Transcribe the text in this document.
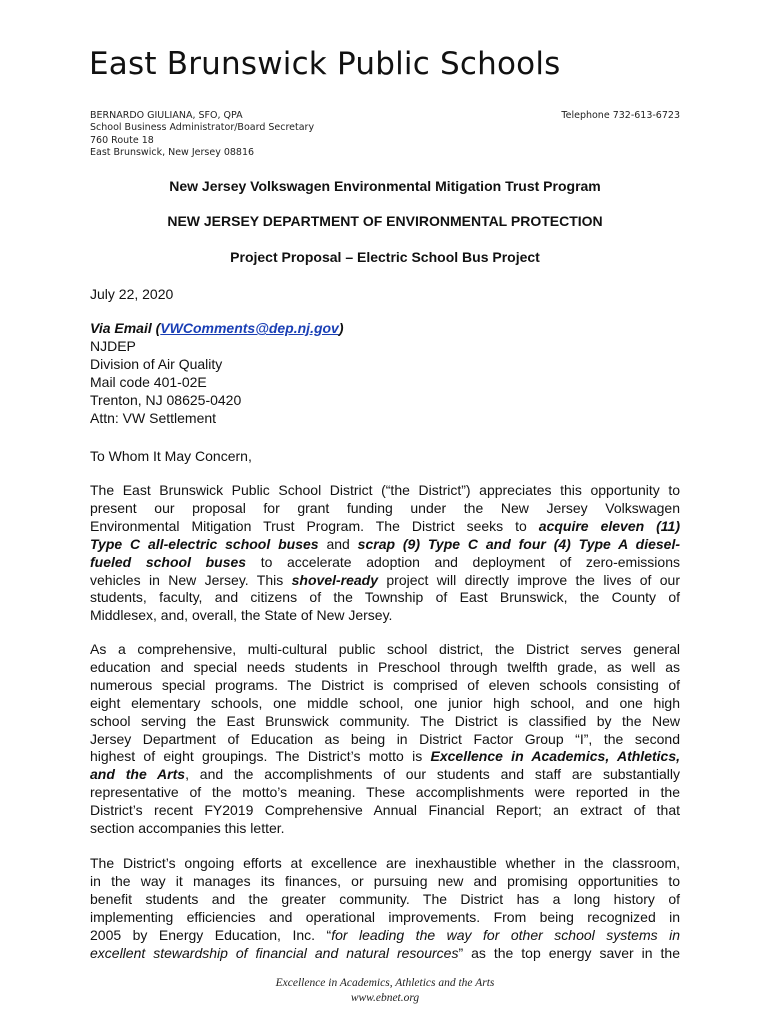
East Brunswick Public Schools
BERNARDO GIULIANA, SFO, QPA
School Business Administrator/Board Secretary
760 Route 18
East Brunswick, New Jersey 08816
Telephone 732-613-6723
New Jersey Volkswagen Environmental Mitigation Trust Program
NEW JERSEY DEPARTMENT OF ENVIRONMENTAL PROTECTION
Project Proposal – Electric School Bus Project
July 22, 2020
Via Email (VWComments@dep.nj.gov)
NJDEP
Division of Air Quality
Mail code 401-02E
Trenton, NJ 08625-0420
Attn: VW Settlement
To Whom It May Concern,
The East Brunswick Public School District (“the District”) appreciates this opportunity to
present our proposal for grant funding under the New Jersey Volkswagen
Environmental Mitigation Trust Program. The District seeks to acquire eleven (11)
Type C all-electric school buses and scrap (9) Type C and four (4) Type A diesel-
fueled school buses to accelerate adoption and deployment of zero-emissions
vehicles in New Jersey. This shovel-ready project will directly improve the lives of our
students, faculty, and citizens of the Township of East Brunswick, the County of
Middlesex, and, overall, the State of New Jersey.
As a comprehensive, multi-cultural public school district, the District serves general
education and special needs students in Preschool through twelfth grade, as well as
numerous special programs. The District is comprised of eleven schools consisting of
eight elementary schools, one middle school, one junior high school, and one high
school serving the East Brunswick community. The District is classified by the New
Jersey Department of Education as being in District Factor Group “I”, the second
highest of eight groupings. The District’s motto is Excellence in Academics, Athletics,
and the Arts, and the accomplishments of our students and staff are substantially
representative of the motto’s meaning. These accomplishments were reported in the
District’s recent FY2019 Comprehensive Annual Financial Report; an extract of that
section accompanies this letter.
The District’s ongoing efforts at excellence are inexhaustible whether in the classroom,
in the way it manages its finances, or pursuing new and promising opportunities to
benefit students and the greater community. The District has a long history of
implementing efficiencies and operational improvements. From being recognized in
2005 by Energy Education, Inc. “for leading the way for other school systems in
excellent stewardship of financial and natural resources” as the top energy saver in the
Excellence in Academics, Athletics and the Arts
www.ebnet.org
